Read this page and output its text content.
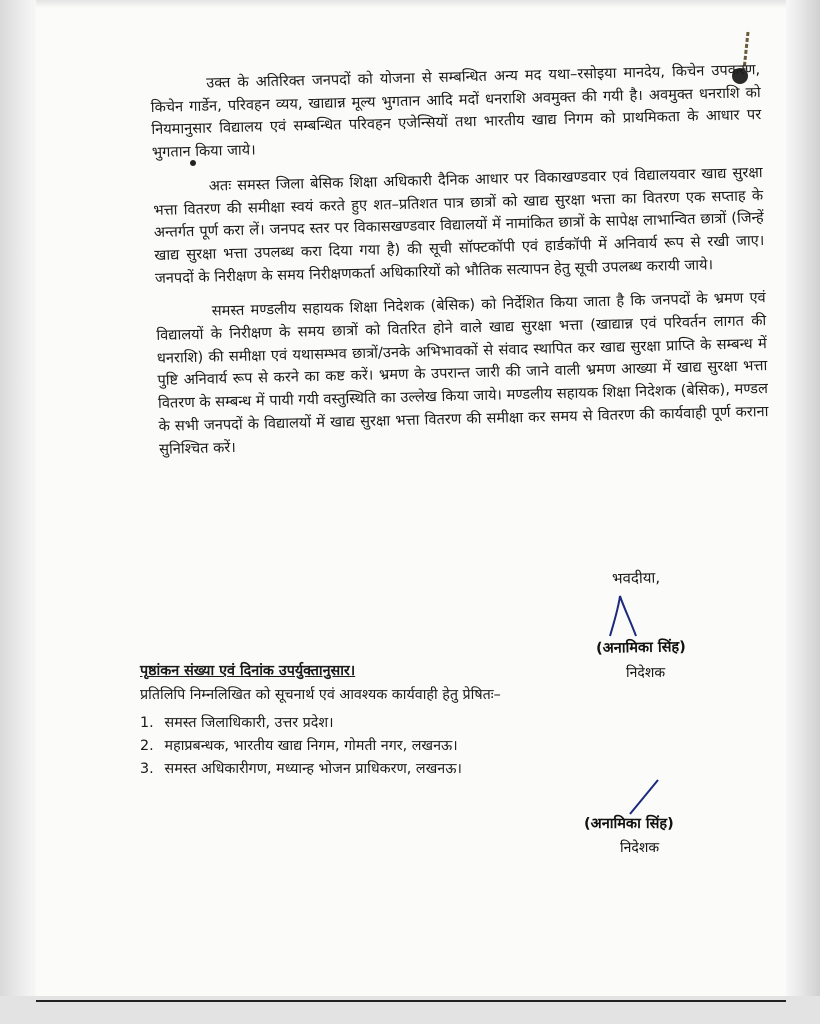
उक्त के अतिरिक्त जनपदों को योजना से सम्बन्धित अन्य मद यथा–रसोइया मानदेय, किचेन उपकरण, किचेन गार्डेन, परिवहन व्यय, खाद्यान्न मूल्य भुगतान आदि मदों धनराशि अवमुक्त की गयी है। अवमुक्त धनराशि को नियमानुसार विद्यालय एवं सम्बन्धित परिवहन एजेन्सियों तथा भारतीय खाद्य निगम को प्राथमिकता के आधार पर भुगतान किया जाये।

अतः समस्त जिला बेसिक शिक्षा अधिकारी दैनिक आधार पर विकाखण्डवार एवं विद्यालयवार खाद्य सुरक्षा भत्ता वितरण की समीक्षा स्वयं करते हुए शत–प्रतिशत पात्र छात्रों को खाद्य सुरक्षा भत्ता का वितरण एक सप्ताह के अन्तर्गत पूर्ण करा लें। जनपद स्तर पर विकासखण्डवार विद्यालयों में नामांकित छात्रों के सापेक्ष लाभान्वित छात्रों (जिन्हें खाद्य सुरक्षा भत्ता उपलब्ध करा दिया गया है) की सूची सॉफ्टकॉपी एवं हार्डकॉपी में अनिवार्य रूप से रखी जाए। जनपदों के निरीक्षण के समय निरीक्षणकर्ता अधिकारियों को भौतिक सत्यापन हेतु सूची उपलब्ध करायी जाये।

समस्त मण्डलीय सहायक शिक्षा निदेशक (बेसिक) को निर्देशित किया जाता है कि जनपदों के भ्रमण एवं विद्यालयों के निरीक्षण के समय छात्रों को वितरित होने वाले खाद्य सुरक्षा भत्ता (खाद्यान्न एवं परिवर्तन लागत की धनराशि) की समीक्षा एवं यथासम्भव छात्रों/उनके अभिभावकों से संवाद स्थापित कर खाद्य सुरक्षा प्राप्ति के सम्बन्ध में पुष्टि अनिवार्य रूप से करने का कष्ट करें। भ्रमण के उपरान्त जारी की जाने वाली भ्रमण आख्या में खाद्य सुरक्षा भत्ता वितरण के सम्बन्ध में पायी गयी वस्तुस्थिति का उल्लेख किया जाये। मण्डलीय सहायक शिक्षा निदेशक (बेसिक), मण्डल के सभी जनपदों के विद्यालयों में खाद्य सुरक्षा भत्ता वितरण की समीक्षा कर समय से वितरण की कार्यवाही पूर्ण कराना सुनिश्चित करें।

भवदीया,
(अनामिका सिंह)
निदेशक
पृष्ठांकन संख्या एवं दिनांक उपर्युक्तानुसार।
प्रतिलिपि निम्नलिखित को सूचनार्थ एवं आवश्यक कार्यवाही हेतु प्रेषितः–
1. समस्त जिलाधिकारी, उत्तर प्रदेश।
2. महाप्रबन्धक, भारतीय खाद्य निगम, गोमती नगर, लखनऊ।
3. समस्त अधिकारीगण, मध्यान्ह भोजन प्राधिकरण, लखनऊ।
(अनामिका सिंह)
निदेशक
